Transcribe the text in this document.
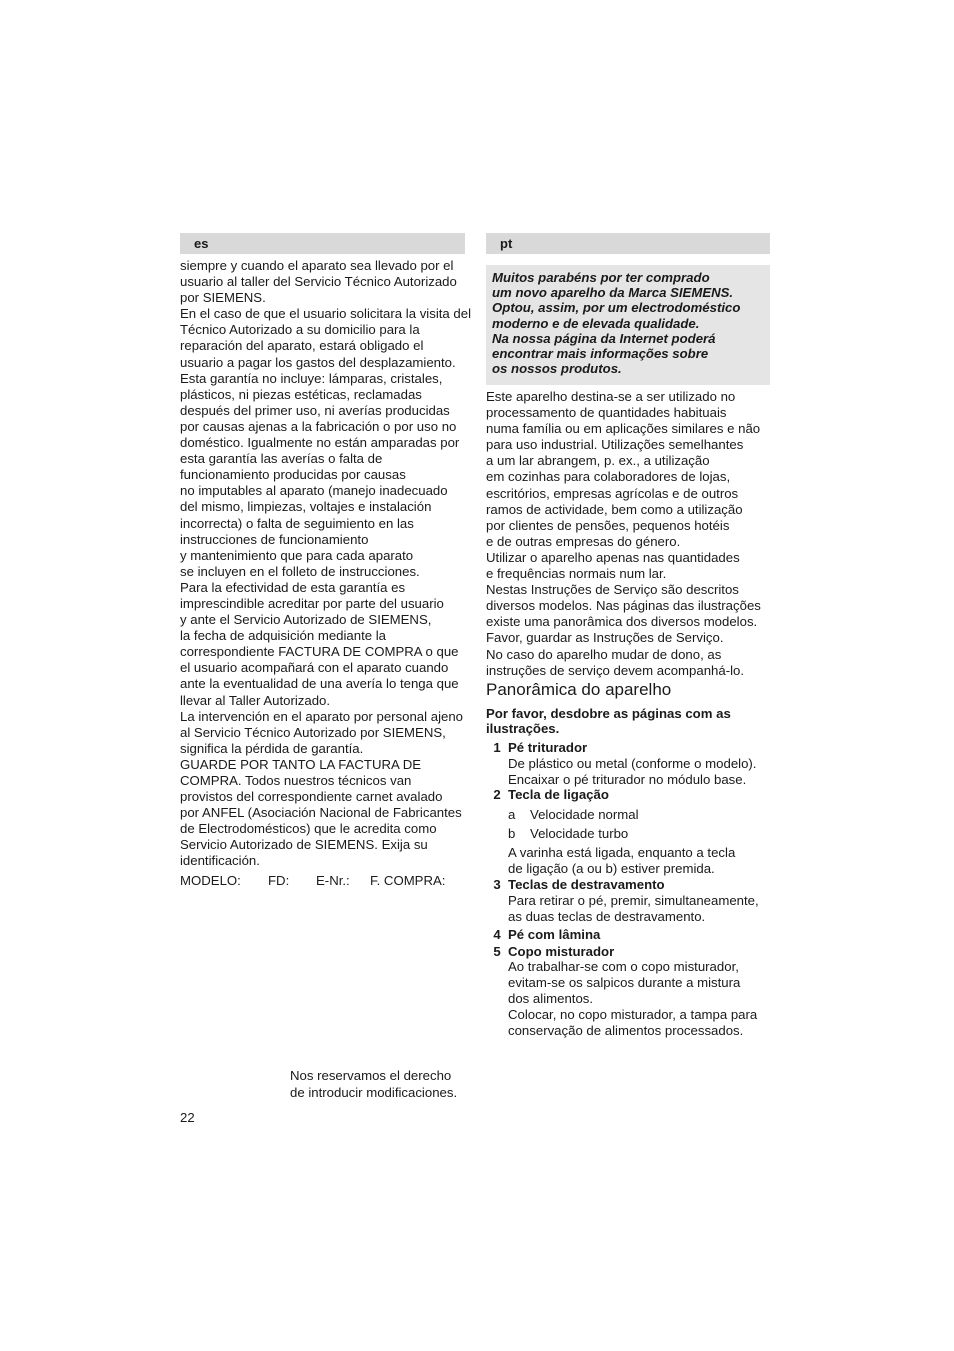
es	pt

siempre y cuando el aparato sea llevado por el
usuario al taller del Servicio Técnico Autorizado
por SIEMENS.

En el caso de que el usuario solicitara la visita del
Técnico Autorizado a su domicilio para la
reparación del aparato, estará obligado el
usuario a pagar los gastos del desplazamiento.

Esta garantía no incluye: lámparas, cristales,
plásticos, ni piezas estéticas, reclamadas
después del primer uso, ni averías producidas
por causas ajenas a la fabricación o por uso no
doméstico. Igualmente no están amparadas por
esta garantía las averías o falta de
funcionamiento producidas por causas
no imputables al aparato (manejo inadecuado
del mismo, limpiezas, voltajes e instalación
incorrecta) o falta de seguimiento en las
instrucciones de funcionamiento
y mantenimiento que para cada aparato
se incluyen en el folleto de instrucciones.

Para la efectividad de esta garantía es
imprescindible acreditar por parte del usuario
y ante el Servicio Autorizado de SIEMENS,
la fecha de adquisición mediante la
correspondiente FACTURA DE COMPRA o que
el usuario acompañará con el aparato cuando
ante la eventualidad de una avería lo tenga que
llevar al Taller Autorizado.

La intervención en el aparato por personal ajeno
al Servicio Técnico Autorizado por SIEMENS,
significa la pérdida de garantía.

GUARDE POR TANTO LA FACTURA DE
COMPRA. Todos nuestros técnicos van
provistos del correspondiente carnet avalado
por ANFEL (Asociación Nacional de Fabricantes
de Electrodomésticos) que le acredita como
Servicio Autorizado de SIEMENS. Exija su
identificación.

MODELO: FD: E-Nr.: F. COMPRA:
Nos reservamos el derecho
de introducir modificaciones.
22
Muitos parabéns por ter comprado
um novo aparelho da Marca SIEMENS.
Optou, assim, por um electrodoméstico
moderno e de elevada qualidade.
Na nossa página da Internet poderá
encontrar mais informações sobre
os nossos produtos.

Este aparelho destina-se a ser utilizado no
processamento de quantidades habituais
numa família ou em aplicações similares e não
para uso industrial. Utilizações semelhantes
a um lar abrangem, p. ex., a utilização
em cozinhas para colaboradores de lojas,
escritórios, empresas agrícolas e de outros
ramos de actividade, bem como a utilização
por clientes de pensões, pequenos hotéis
e de outras empresas do género.

Utilizar o aparelho apenas nas quantidades
e frequências normais num lar.

Nestas Instruções de Serviço são descritos
diversos modelos. Nas páginas das ilustrações
existe uma panorâmica dos diversos modelos.

Favor, guardar as Instruções de Serviço.
No caso do aparelho mudar de dono, as
instruções de serviço devem acompanhá-lo.

Panorâmica do aparelho
Por favor, desdobre as páginas com as
ilustrações.
1 Pé triturador
De plástico ou metal (conforme o modelo).
Encaixar o pé triturador no módulo base.
2 Tecla de ligação
a Velocidade normal
b Velocidade turbo
A varinha está ligada, enquanto a tecla
de ligação (a ou b) estiver premida.
3 Teclas de destravamento
Para retirar o pé, premir, simultaneamente,
as duas teclas de destravamento.
4 Pé com lâmina
5 Copo misturador
Ao trabalhar-se com o copo misturador,
evitam-se os salpicos durante a mistura
dos alimentos.
Colocar, no copo misturador, a tampa para
conservação de alimentos processados.
